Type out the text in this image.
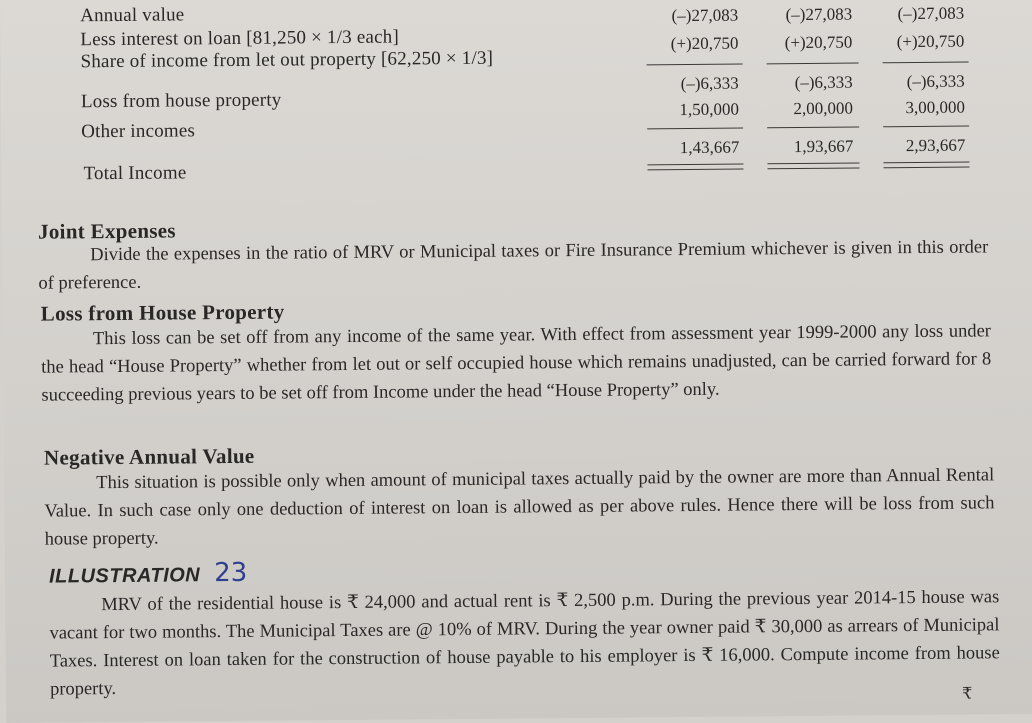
Annual value
Less interest on loan [81,250 × 1/3 each]
Share of income from let out property [62,250 × 1/3]
Loss from house property
Other incomes
Total Income
(–)27,083
(+)20,750
(–)6,333
1,50,000
1,43,667
(–)27,083
(+)20,750
(–)6,333
2,00,000
1,93,667
(–)27,083
(+)20,750
(–)6,333
3,00,000
2,93,667
Joint Expenses
Divide the expenses in the ratio of MRV or Municipal taxes or Fire Insurance Premium whichever is given in this order of preference.
Loss from House Property
This loss can be set off from any income of the same year. With effect from assessment year 1999-2000 any loss under the head “House Property” whether from let out or self occupied house which remains unadjusted, can be carried forward for 8 succeeding previous years to be set off from Income under the head “House Property” only.
Negative Annual Value
This situation is possible only when amount of municipal taxes actually paid by the owner are more than Annual Rental Value. In such case only one deduction of interest on loan is allowed as per above rules. Hence there will be loss from such house property.
ILLUSTRATION 23
MRV of the residential house is ₹ 24,000 and actual rent is ₹ 2,500 p.m. During the previous year 2014-15 house was vacant for two months. The Municipal Taxes are @ 10% of MRV. During the year owner paid ₹ 30,000 as arrears of Municipal Taxes. Interest on loan taken for the construction of house payable to his employer is ₹ 16,000. Compute income from house property.	₹
